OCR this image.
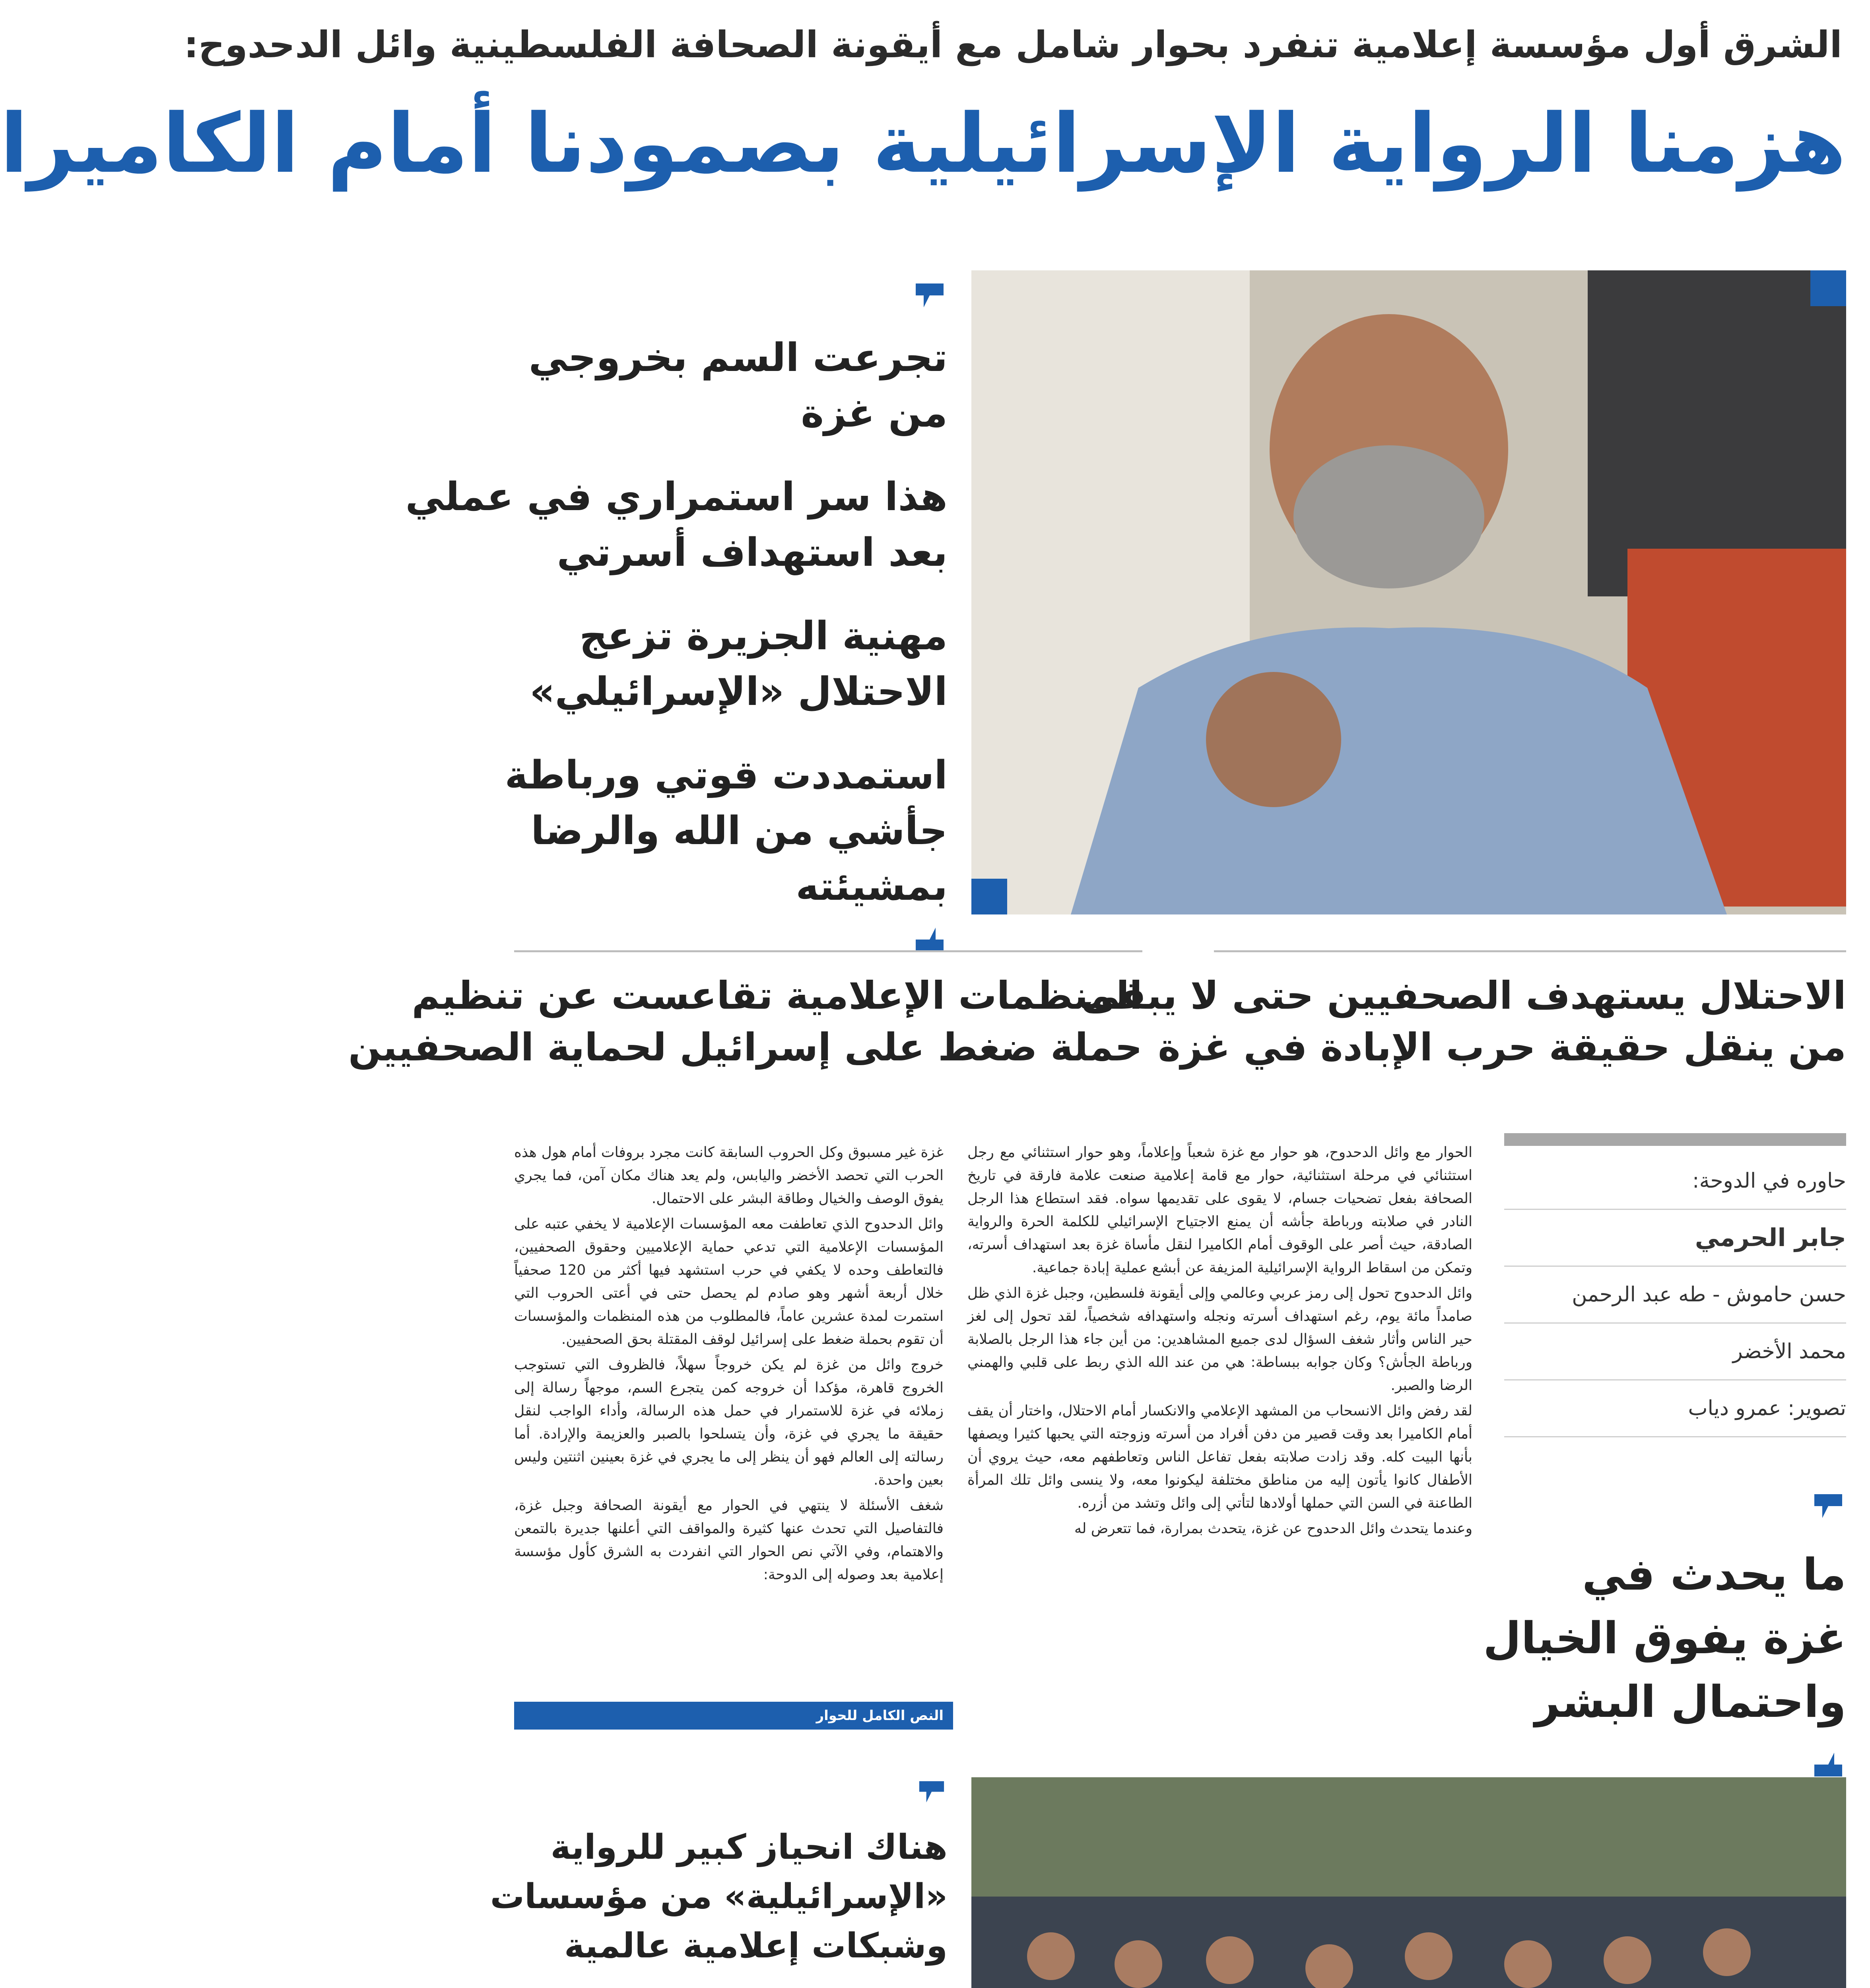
الشرق أول مؤسسة إعلامية تنفرد بحوار شامل مع أيقونة الصحافة الفلسطينية وائل الدحدوح:
هزمنا الرواية الإسرائيلية بصمودنا أمام الكاميرا

تجرعت السم بخروجي
من غزة

هذا سر استمراري في عملي
بعد استهداف أسرتي

مهنية الجزيرة تزعج
الاحتلال «الإسرائيلي»

استمددت قوتي ورباطة
جأشي من الله والرضا
بمشيئته

الاحتلال يستهدف الصحفيين حتى لا يبقى
من ينقل حقيقة حرب الإبادة في غزة
المنظمات الإعلامية تقاعست عن تنظيم
حملة ضغط على إسرائيل لحماية الصحفيين
حاوره في الدوحة:
جابر الحرمي
حسن حاموش - طه عبد الرحمن
محمد الأخضر
تصوير: عمرو دياب
ما يحدث في
غزة يفوق الخيال
واحتمال البشر

الحوار مع وائل الدحدوح، هو حوار مع غزة شعباً وإعلاماً، وهو حوار استثنائي مع رجل استثنائي في مرحلة استثنائية، حوار مع قامة إعلامية صنعت علامة فارقة في تاريخ الصحافة بفعل تضحيات جسام، لا يقوى على تقديمها سواه. فقد استطاع هذا الرجل النادر في صلابته ورباطة جأشه أن يمنع الاجتياح الإسرائيلي للكلمة الحرة والرواية الصادقة، حيث أصر على الوقوف أمام الكاميرا لنقل مأساة غزة بعد استهداف أسرته، وتمكن من اسقاط الرواية الإسرائيلية المزيفة عن أبشع عملية إبادة جماعية.

وائل الدحدوح تحول إلى رمز عربي وعالمي وإلى أيقونة فلسطين، وجبل غزة الذي ظل صامداً مائة يوم، رغم استهداف أسرته ونجله واستهدافه شخصياً، لقد تحول إلى لغز حير الناس وأثار شغف السؤال لدى جميع المشاهدين: من أين جاء هذا الرجل بالصلابة ورباطة الجأش؟ وكان جوابه ببساطة: هي من عند الله الذي ربط على قلبي والهمني الرضا والصبر.

لقد رفض وائل الانسحاب من المشهد الإعلامي والانكسار أمام الاحتلال، واختار أن يقف أمام الكاميرا بعد وقت قصير من دفن أفراد من أسرته وزوجته التي يحبها كثيرا ويصفها بأنها البيت كله. وقد زادت صلابته بفعل تفاعل الناس وتعاطفهم معه، حيث يروي أن الأطفال كانوا يأتون إليه من مناطق مختلفة ليكونوا معه، ولا ينسى وائل تلك المرأة الطاعنة في السن التي حملها أولادها لتأتي إلى وائل وتشد من أزره.

وعندما يتحدث وائل الدحدوح عن غزة، يتحدث بمرارة، فما تتعرض له

غزة غير مسبوق وكل الحروب السابقة كانت مجرد بروفات أمام هول هذه الحرب التي تحصد الأخضر واليابس، ولم يعد هناك مكان آمن، فما يجري يفوق الوصف والخيال وطاقة البشر على الاحتمال.

وائل الدحدوح الذي تعاطفت معه المؤسسات الإعلامية لا يخفي عتبه على المؤسسات الإعلامية التي تدعي حماية الإعلاميين وحقوق الصحفيين، فالتعاطف وحده لا يكفي في حرب استشهد فيها أكثر من 120 صحفياً خلال أربعة أشهر وهو صادم لم يحصل حتى في أعتى الحروب التي استمرت لمدة عشرين عاماً، فالمطلوب من هذه المنظمات والمؤسسات أن تقوم بحملة ضغط على إسرائيل لوقف المقتلة بحق الصحفيين.

خروج وائل من غزة لم يكن خروجاً سهلاً، فالظروف التي تستوجب الخروج قاهرة، مؤكدا أن خروجه كمن يتجرع السم، موجهاً رسالة إلى زملائه في غزة للاستمرار في حمل هذه الرسالة، وأداء الواجب لنقل حقيقة ما يجري في غزة، وأن يتسلحوا بالصبر والعزيمة والإرادة. أما رسالته إلى العالم فهو أن ينظر إلى ما يجري في غزة بعينين اثنتين وليس بعين واحدة.

شغف الأسئلة لا ينتهي في الحوار مع أيقونة الصحافة وجبل غزة، فالتفاصيل التي تحدث عنها كثيرة والمواقف التي أعلنها جديرة بالتمعن والاهتمام، وفي الآتي نص الحوار التي انفردت به الشرق كأول مؤسسة إعلامية بعد وصوله إلى الدوحة:

النص الكامل للحوار

هناك انحياز كبير للرواية
«الإسرائيلية» من مؤسسات
وشبكات إعلامية عالمية
